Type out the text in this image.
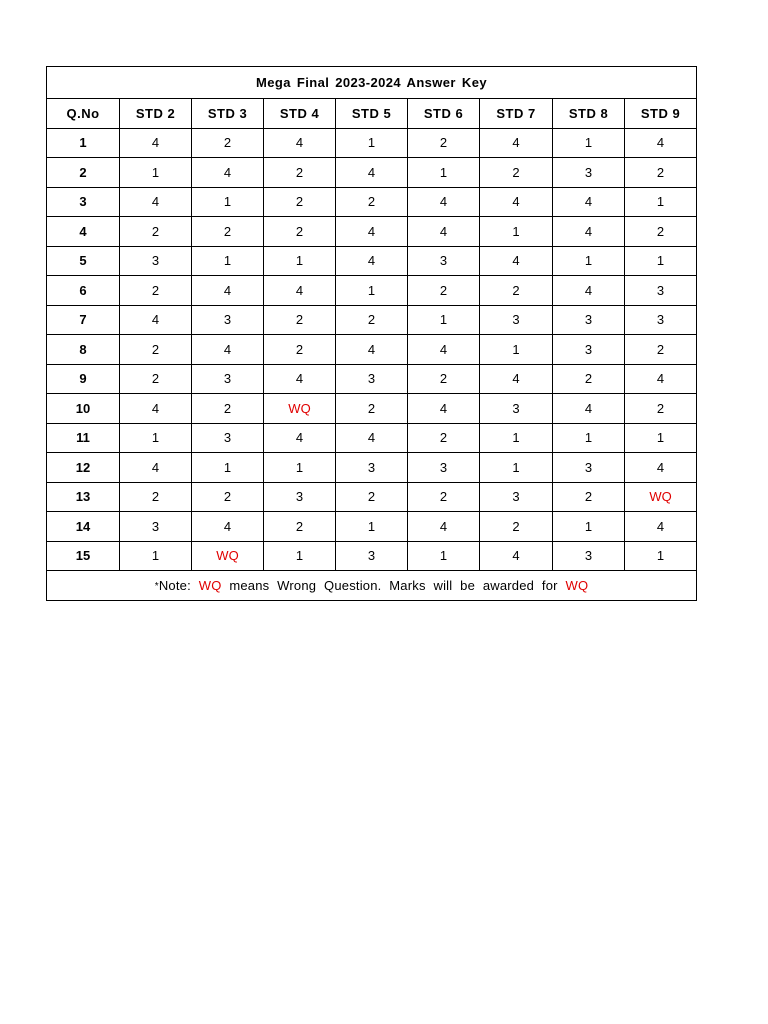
Mega Final 2023-2024 Answer Key								
Q.No	STD 2	STD 3	STD 4	STD 5	STD 6	STD 7	STD 8	STD 9
1	4	2	4	1	2	4	1	4
2	1	4	2	4	1	2	3	2
3	4	1	2	2	4	4	4	1
4	2	2	2	4	4	1	4	2
5	3	1	1	4	3	4	1	1
6	2	4	4	1	2	2	4	3
7	4	3	2	2	1	3	3	3
8	2	4	2	4	4	1	3	2
9	2	3	4	3	2	4	2	4
10	4	2	WQ	2	4	3	4	2
11	1	3	4	4	2	1	1	1
12	4	1	1	3	3	1	3	4
13	2	2	3	2	2	3	2	WQ
14	3	4	2	1	4	2	1	4
15	1	WQ	1	3	1	4	3	1
*Note: WQ means Wrong Question. Marks will be awarded for WQ								
